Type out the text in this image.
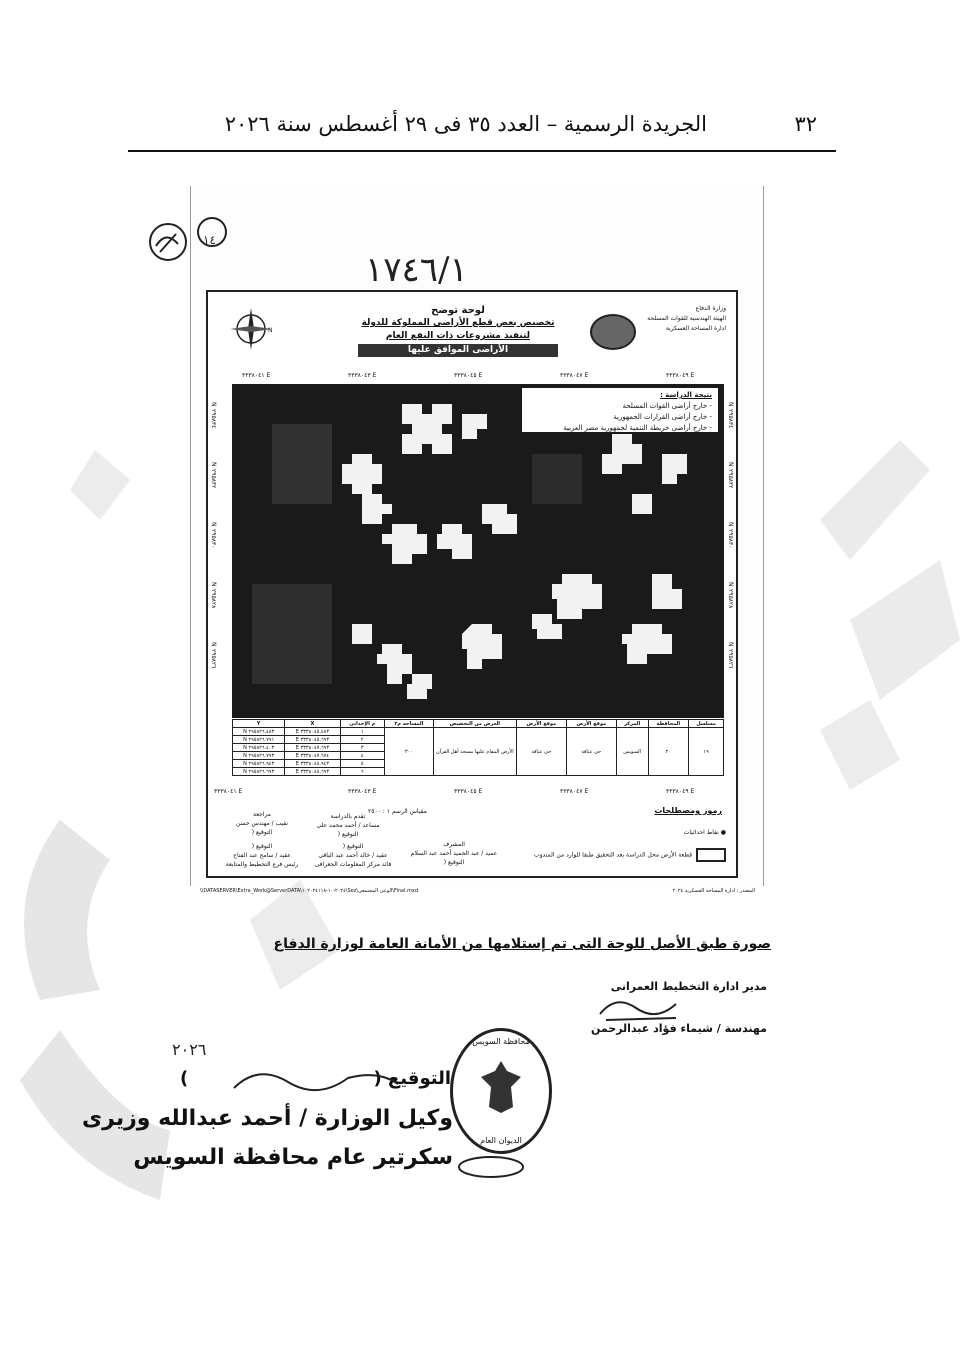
٣٢
الجريدة الرسمية – العدد ٣٥ فى ٢٩ أغسطس سنة ٢٠٢٦
١٧٤٦/١
١٤
N
لوحة توضح
تخصيص بعض قطع الأراضى المملوكة للدولة
لتنفيذ مشروعات ذات النفع العام
الأراضى الموافق عليها
وزارة الدفاع
الهيئة الهندسية للقوات المسلحة
ادارة المساحة العسكرية
٣٣٣٨٠٤١ E	٣٣٣٨٠٤٣ E	٣٣٣٨٠٤٥ E	٣٣٣٨٠٤٧ E	٣٣٣٨٠٤٩ E
N ٢٩٥٨٣٤
N ٢٩٥٨٣٢
N ٢٩٥٨٣٠
N ٢٩٥٨٢٨
N ٢٩٥٨٢٦
N ٢٩٥٨٣٤
N ٢٩٥٨٣٢
N ٢٩٥٨٣٠
N ٢٩٥٨٢٨
N ٢٩٥٨٢٦
نتيجة الدراسة :
- خارج أراضى القوات المسلحة
- خارج أراضى القرارات الجمهورية
- خارج أراضى خريطة التنمية لجمهورية مصر العربية
٣٣٣٨٠٤١ E	٣٣٣٨٠٤٣ E	٣٣٣٨٠٤٥ E	٣٣٣٨٠٤٧ E	٣٣٣٨٠٤٩ E
مسلسل	المحافظة	المركز	موقع الأرض	موقع الأرض	الغرض من التخصيص	المساحة م٢	م الإحداثى	X	Y
١٩	٢٠	السويس	حى عتاقة	حى عتاقة	الأرض المقام عليها مسجد أهل القرآن	٣٠٠	١	٣٣٣٨٠٤٥.٤٨٣ E	٢٩٥٨٢٦.٤٨٣ N
							٢	٣٣٣٨٠٤٥.٦٩٣ E	٢٩٥٨٢٦.٧٩١ N
							٣	٣٣٣٨٠٤٧.٦٩٣ E	٢٩٥٨٢٦.٤٠٣ N
							٤	٣٣٣٨٠٤٧.٦٧٤ E	٢٩٥٨٢٦.٧٩٣ N
							٥	٣٣٣٨٠٤٨.٩٤٣ E	٢٩٥٨٢٦.٩٤٣ N
							٦	٣٣٣٨٠٤٨.٦٩٣ E	٢٩٥٨٢٦.٦٩٣ N
مراجعة
نقيب / مهندس حسن
التوقيع (
تقدم بالدراسة
مساعد / أحمد محمد على
التوقيع (
مقياس الرسم ١ : ٢٥٠٠	رموز ومصطلحات
● نقاط احداثيات
قطعة الأرض محل الدراسة بعد التحقيق طبقا للوارد من المندوب
التوقيع (
عقيد / سامح عبد الفتاح
رئيس فرع التخطيط والمتابعة
التوقيع (
عقيد / خالد أحمد عبد الباقى
قائد مركز المعلومات الجغرافى
المشرف
عميد / عبد الحميد أحمد عبد السلام
التوقيع (
\\DATASERVER\Extra_Work@ServerDATA\٢٠٢٤-١٠-١٠٢٠٢٤١١٨\Sez\الوعى المجتمعى\Final.mxd	المصدر : ادارة المساحة العسكرية ٢٠٢٤
صورة طبق الأصل للوحة التى تم إستلامها من الأمانة العامة لوزارة الدفاع
مدير ادارة التخطيط العمرانى
مهندسة / شيماء فؤاد عبدالرحمن
٢٠٢٦
التوقيع (
)
وكيل الوزارة / أحمد عبدالله وزيرى
سكرتير عام محافظة السويس
محافظة السويس
الديوان العام
